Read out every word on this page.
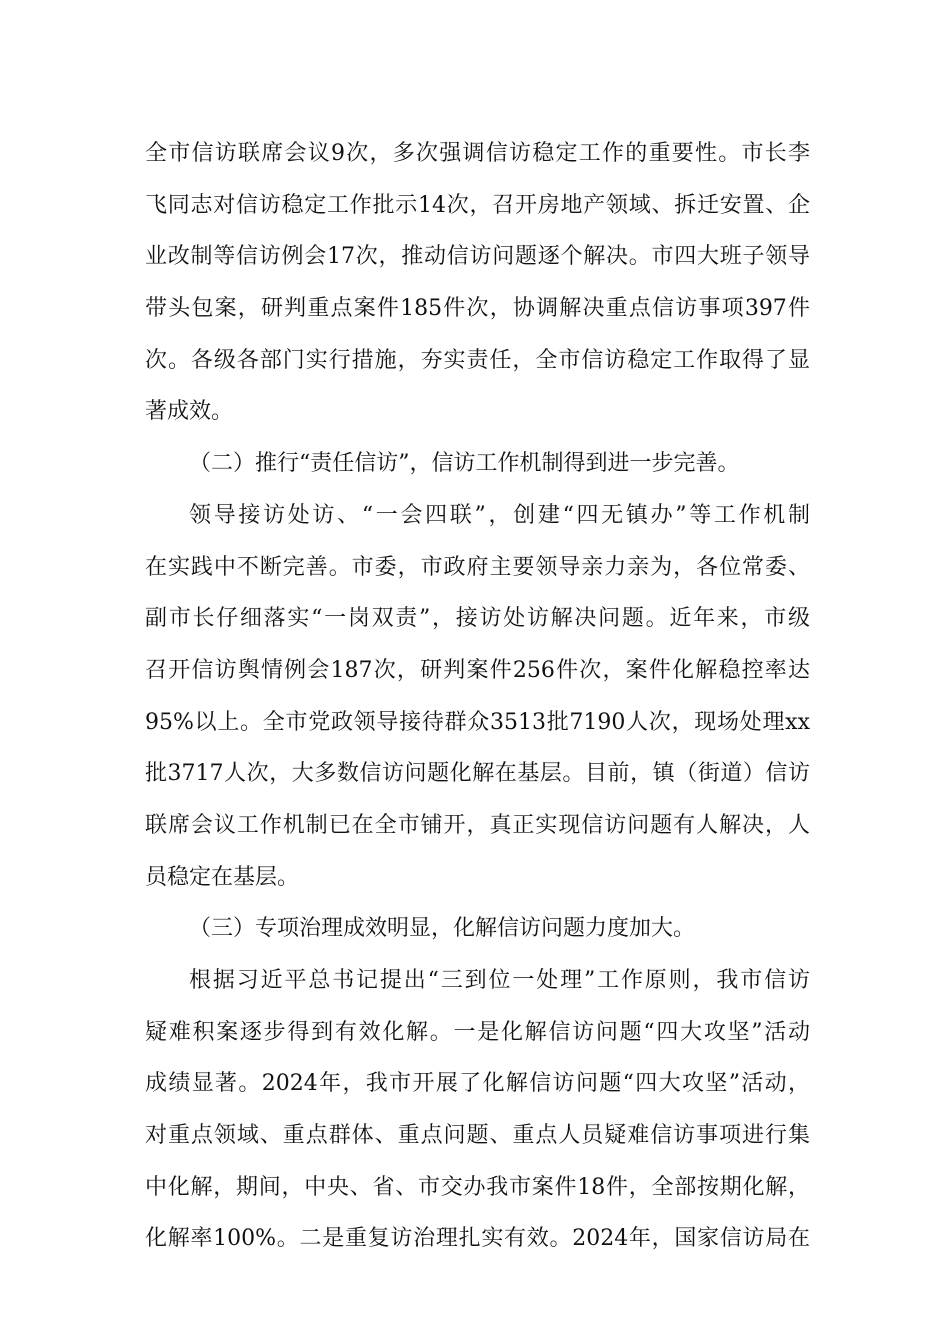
全市信访联席会议9次，多次强调信访稳定工作的重要性。市长李
飞同志对信访稳定工作批示14次，召开房地产领域、拆迁安置、企
业改制等信访例会17次，推动信访问题逐个解决。市四大班子领导
带头包案，研判重点案件185件次，协调解决重点信访事项397件
次。各级各部门实行措施，夯实责任，全市信访稳定工作取得了显
著成效。
（二）推行“责任信访”，信访工作机制得到进一步完善。
领导接访处访、“一会四联”，创建“四无镇办”等工作机制
在实践中不断完善。市委，市政府主要领导亲力亲为，各位常委、
副市长仔细落实“一岗双责”，接访处访解决问题。近年来，市级
召开信访舆情例会187次，研判案件256件次，案件化解稳控率达
95%以上。全市党政领导接待群众3513批7190人次，现场处理xx
批3717人次，大多数信访问题化解在基层。目前，镇（街道）信访
联席会议工作机制已在全市铺开，真正实现信访问题有人解决，人
员稳定在基层。
（三）专项治理成效明显，化解信访问题力度加大。
根据习近平总书记提出“三到位一处理”工作原则，我市信访
疑难积案逐步得到有效化解。一是化解信访问题“四大攻坚”活动
成绩显著。2024年，我市开展了化解信访问题“四大攻坚”活动，
对重点领域、重点群体、重点问题、重点人员疑难信访事项进行集
中化解，期间，中央、省、市交办我市案件18件，全部按期化解，
化解率100%。二是重复访治理扎实有效。2024年，国家信访局在
